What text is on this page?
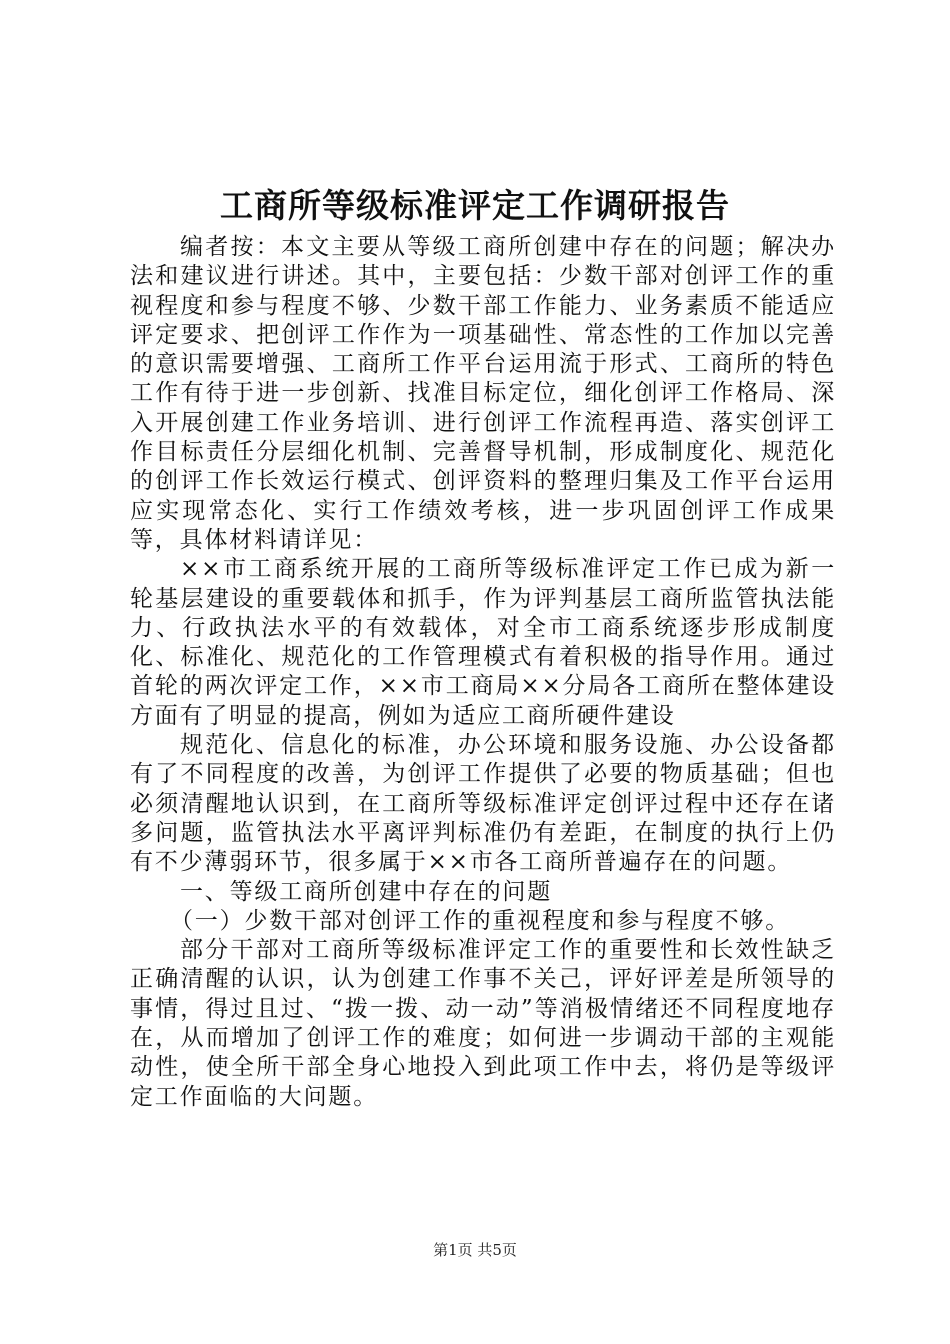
工商所等级标准评定工作调研报告

编者按：本文主要从等级工商所创建中存在的问题；解决办法和建议进行讲述。其中，主要包括：少数干部对创评工作的重视程度和参与程度不够、少数干部工作能力、业务素质不能适应评定要求、把创评工作作为一项基础性、常态性的工作加以完善的意识需要增强、工商所工作平台运用流于形式、工商所的特色工作有待于进一步创新、找准目标定位，细化创评工作格局、深入开展创建工作业务培训、进行创评工作流程再造、落实创评工作目标责任分层细化机制、完善督导机制，形成制度化、规范化的创评工作长效运行模式、创评资料的整理归集及工作平台运用应实现常态化、实行工作绩效考核，进一步巩固创评工作成果等，具体材料请详见：

××市工商系统开展的工商所等级标准评定工作已成为新一轮基层建设的重要载体和抓手，作为评判基层工商所监管执法能力、行政执法水平的有效载体，对全市工商系统逐步形成制度化、标准化、规范化的工作管理模式有着积极的指导作用。通过首轮的两次评定工作，××市工商局××分局各工商所在整体建设方面有了明显的提高，例如为适应工商所硬件建设

规范化、信息化的标准，办公环境和服务设施、办公设备都有了不同程度的改善，为创评工作提供了必要的物质基础；但也必须清醒地认识到，在工商所等级标准评定创评过程中还存在诸多问题，监管执法水平离评判标准仍有差距，在制度的执行上仍有不少薄弱环节，很多属于××市各工商所普遍存在的问题。

一、等级工商所创建中存在的问题

（一）少数干部对创评工作的重视程度和参与程度不够。

部分干部对工商所等级标准评定工作的重要性和长效性缺乏正确清醒的认识，认为创建工作事不关己，评好评差是所领导的事情，得过且过、“拨一拨、动一动”等消极情绪还不同程度地存在，从而增加了创评工作的难度；如何进一步调动干部的主观能动性，使全所干部全身心地投入到此项工作中去，将仍是等级评定工作面临的大问题。

第1页 共5页
